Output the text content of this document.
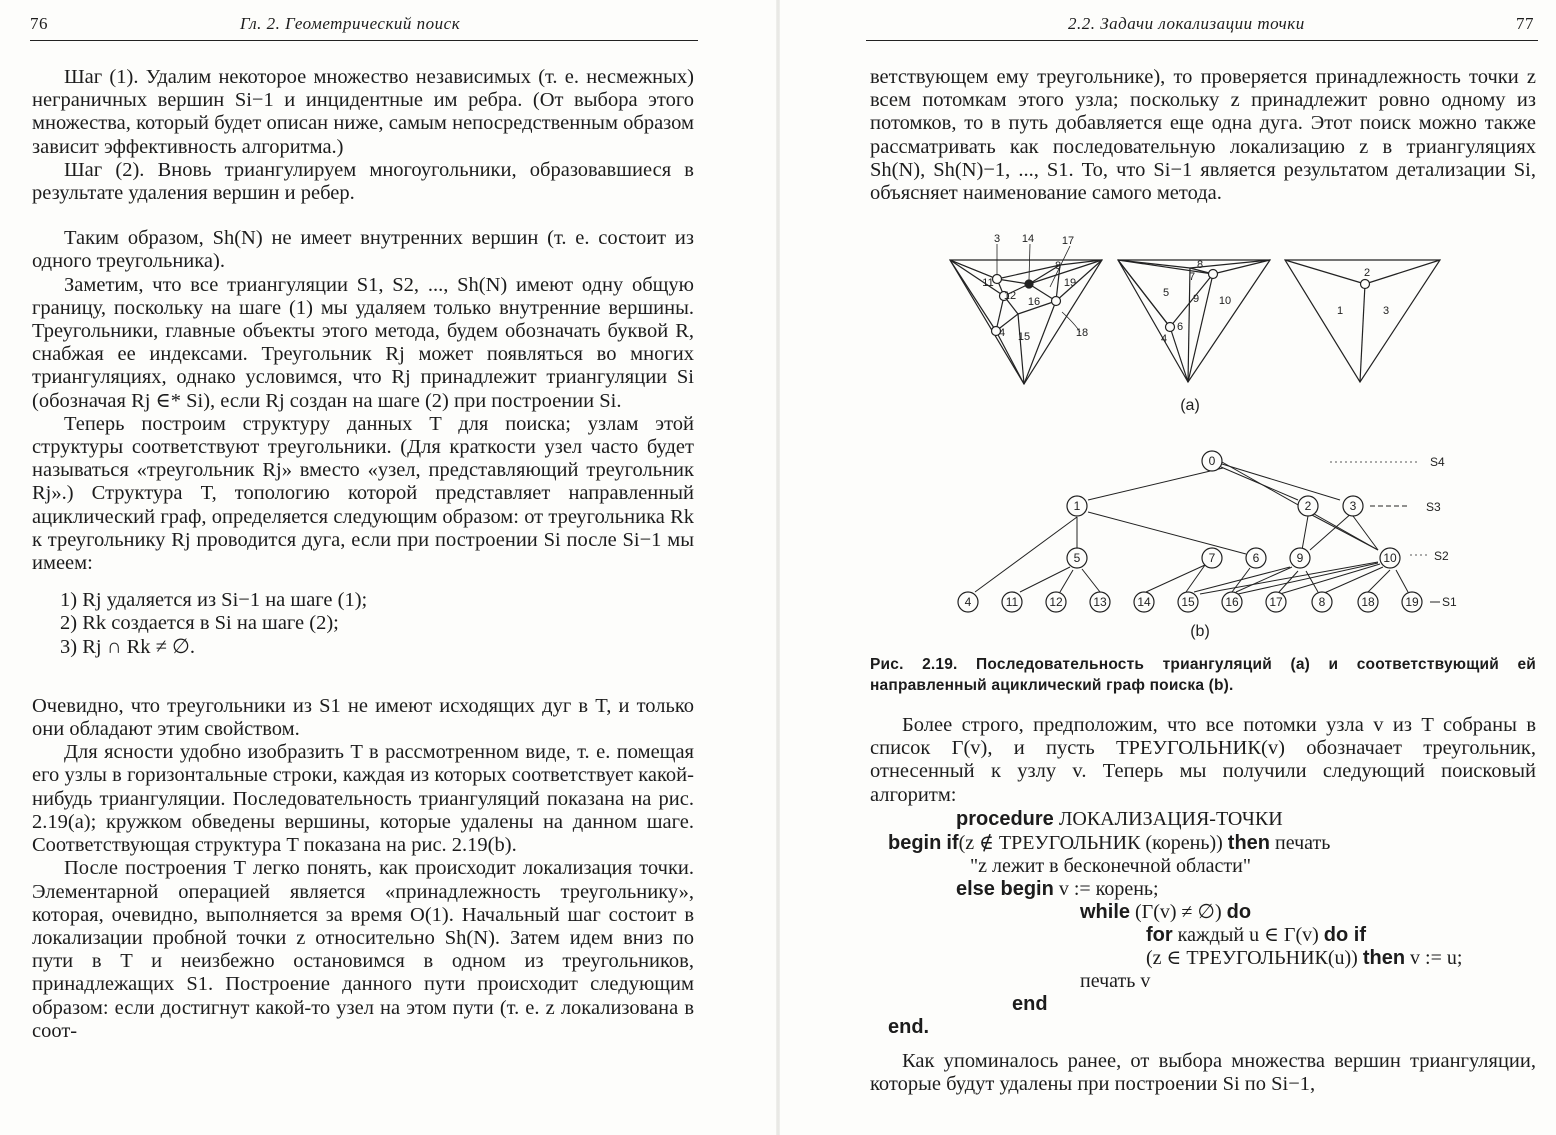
76	Гл. 2. Геометрический поиск

Шаг (1). Удалим некоторое множество независимых (т. е. несмежных) неграничных вершин Si−1 и инцидентные им ребра. (От выбора этого множества, который будет описан ниже, самым непосредственным образом зависит эффективность алгоритма.)

Шаг (2). Вновь триангулируем многоугольники, образовавшиеся в результате удаления вершин и ребер.

Таким образом, Sh(N) не имеет внутренних вершин (т. е. состоит из одного треугольника).

Заметим, что все триангуляции S1, S2, ..., Sh(N) имеют одну общую границу, поскольку на шаге (1) мы удаляем только внутренние вершины. Треугольники, главные объекты этого метода, будем обозначать буквой R, снабжая ее индексами. Треугольник Rj может появляться во многих триангуляциях, однако условимся, что Rj принадлежит триангуляции Si (обозначая Rj ∈* Si), если Rj создан на шаге (2) при построении Si.

Теперь построим структуру данных T для поиска; узлам этой структуры соответствуют треугольники. (Для краткости узел часто будет называться «треугольник Rj» вместо «узел, представляющий треугольник Rj».) Структура T, топологию которой представляет направленный ациклический граф, определяется следующим образом: от треугольника Rk к треугольнику Rj проводится дуга, если при построении Si после Si−1 мы имеем:

1) Rj удаляется из Si−1 на шаге (1);
2) Rk создается в Si на шаге (2);
3) Rj ∩ Rk ≠ ∅.

Очевидно, что треугольники из S1 не имеют исходящих дуг в T, и только они обладают этим свойством.

Для ясности удобно изобразить T в рассмотренном виде, т. е. помещая его узлы в горизонтальные строки, каждая из которых соответствует какой-нибудь триангуляции. Последовательность триангуляций показана на рис. 2.19(a); кружком обведены вершины, которые удалены на данном шаге. Соответствующая структура T показана на рис. 2.19(b).

После построения T легко понять, как происходит локализация точки. Элементарной операцией является «принадлежность треугольнику», которая, очевидно, выполняется за время O(1). Начальный шаг состоит в локализации пробной точки z относительно Sh(N). Затем идем вниз по пути в T и неизбежно остановимся в одном из треугольников, принадлежащих S1. Построение данного пути происходит следующим образом: если достигнут какой-то узел на этом пути (т. е. z локализована в соот-

2.2. Задачи локализации точки	77
ветствующем ему треугольнике), то проверяется принадлежность точки z всем потомкам этого узла; поскольку z принадлежит ровно одному из потомков, то в путь добавляется еще одна дуга. Этот поиск можно также рассматривать как последовательную локализацию z в триангуляциях Sh(N), Sh(N)−1, ..., S1. То, что Si−1 является результатом детализации Si, объясняет наименование самого метода.
3 14	17
8
11
12 16
19
4 15	18
8
7
5 9 10
6
4
2
1	3
(a)
0
1	2	3
5	7	6	9	10
4	11	12	13	14	15	16	17	8	18	19
S4
S3
S2
S1
(b)
Рис. 2.19. Последовательность триангуляций (a) и соответствующий ей направленный ациклический граф поиска (b).

Более строго, предположим, что все потомки узла v из T собраны в список Γ(v), и пусть ТРЕУГОЛЬНИК(v) обозначает треугольник, отнесенный к узлу v. Теперь мы получили следующий поисковый алгоритм:

procedure ЛОКАЛИЗАЦИЯ-ТОЧКИ
begin if(z ∉ ТРЕУГОЛЬНИК (корень)) then печать
"z лежит в бесконечной области"
else begin v := корень;
while (Γ(v) ≠ ∅) do
for каждый u ∈ Γ(v) do if
(z ∈ ТРЕУГОЛЬНИК(u)) then v := u;
печать v
end
end.

Как упоминалось ранее, от выбора множества вершин триангуляции, которые будут удалены при построении Si по Si−1,
